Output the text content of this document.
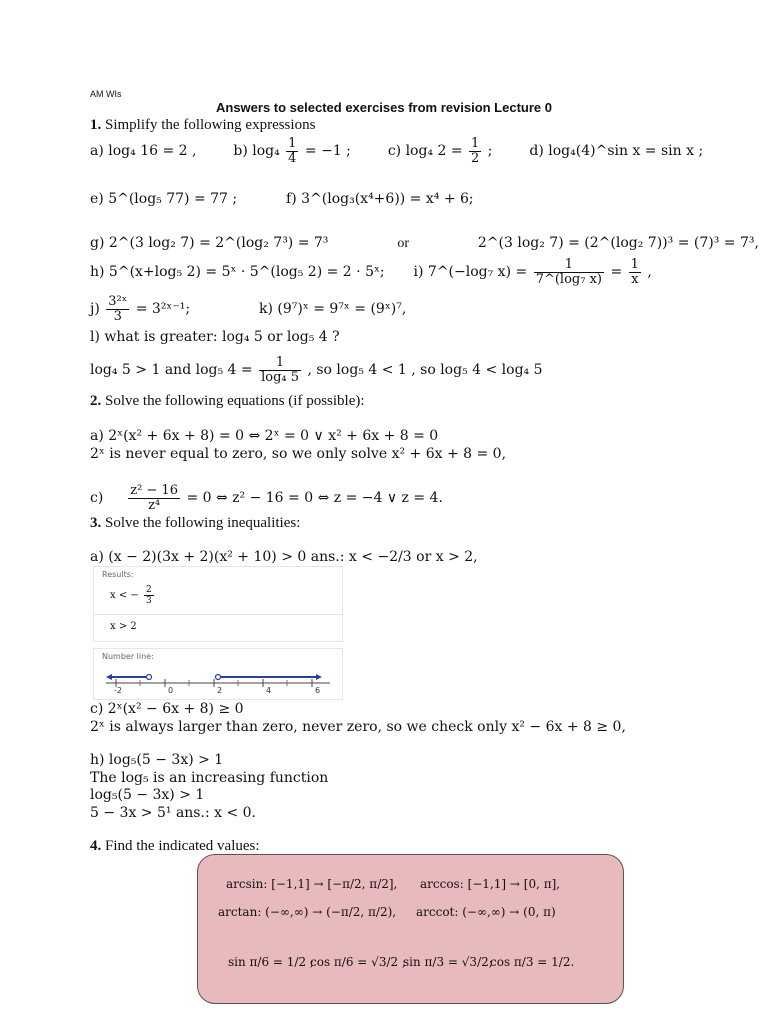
AM WIs
Answers to selected exercises from revision Lecture 0
1. Simplify the following expressions
a) log₄ 16 = 2 ,	b) $\log_4 \frac{1}{4} = -1$ ;	c) log₄ $2 = \frac{1}{2}$ ;	d) log₄(4)^sin x = sin x ;
e) 5^(log₅ 77) = 77 ;	f) 3^(log₃(x⁴+6)) = x⁴ + 6;
g) 2^(3 log₂ 7) = 2^(log₂ 7³) = 7³	or	2^(3 log₂ 7) = (2^(log₂ 7))³ = (7)³ = 7³,
h) 5^(x+log₅ 2) = 5ˣ · 5^(log₅ 2) = 2 · 5ˣ; i) 7^(−log₇ $x) = \frac{1}{\text{7\textasciicircum{}(log₇ x)}} = \frac{1}{x}$ ,
$j) \frac{\text{3²ˣ}}{3}$ = 3²ˣ⁻¹;	k) (9⁷)ˣ = 9⁷ˣ = (9ˣ)⁷,
l) what is greater: log₄ 5 or log₅ 4 ?
log₄ 5 > 1 and log₅ $4 = \frac{1}{\text{log₄ 5}}$ , so log₅ 4 < 1 , so log₅ 4 < log₄ 5
2. Solve the following equations (if possible):
a) 2ˣ(x² + 6x + 8) = 0 ⇔ 2ˣ = 0 ∨ x² + 6x + 8 = 0
2ˣ is never equal to zero, so we only solve x² + 6x + 8 = 0,
$c) \frac{\text{z² − 16}}{\text{z⁴}} = 0$ ⇔ z² − 16 = 0 ⇔ z = −4 ∨ z = 4.
3. Solve the following inequalities:
a) (x − 2)(3x + 2)(x² + 10) > 0 ans.: x < −2/3 or x > 2,
Results:
x < − $\frac{2}{3}$
x > 2
Number line:
-2	0	2	4	6
c) 2ˣ(x² − 6x + 8) ≥ 0
2ˣ is always larger than zero, never zero, so we check only x² − 6x + 8 ≥ 0,
h) log₅(5 − 3x) > 1
The log₅ is an increasing function
log₅(5 − 3x) > 1
5 − 3x > 5¹ ans.: x < 0.
4. Find the indicated values:
arcsin: [−1,1] → [−π/2, π/2], arccos: [−1,1] → [0, π],
arctan: (−∞,∞) → (−π/2, π/2), arccot: (−∞,∞) → (0, π)
sin π/6 = 1/2 ;
cos π/6 = √3/2 ;
sin π/3 = √3/2;
cos π/3 = 1/2.
